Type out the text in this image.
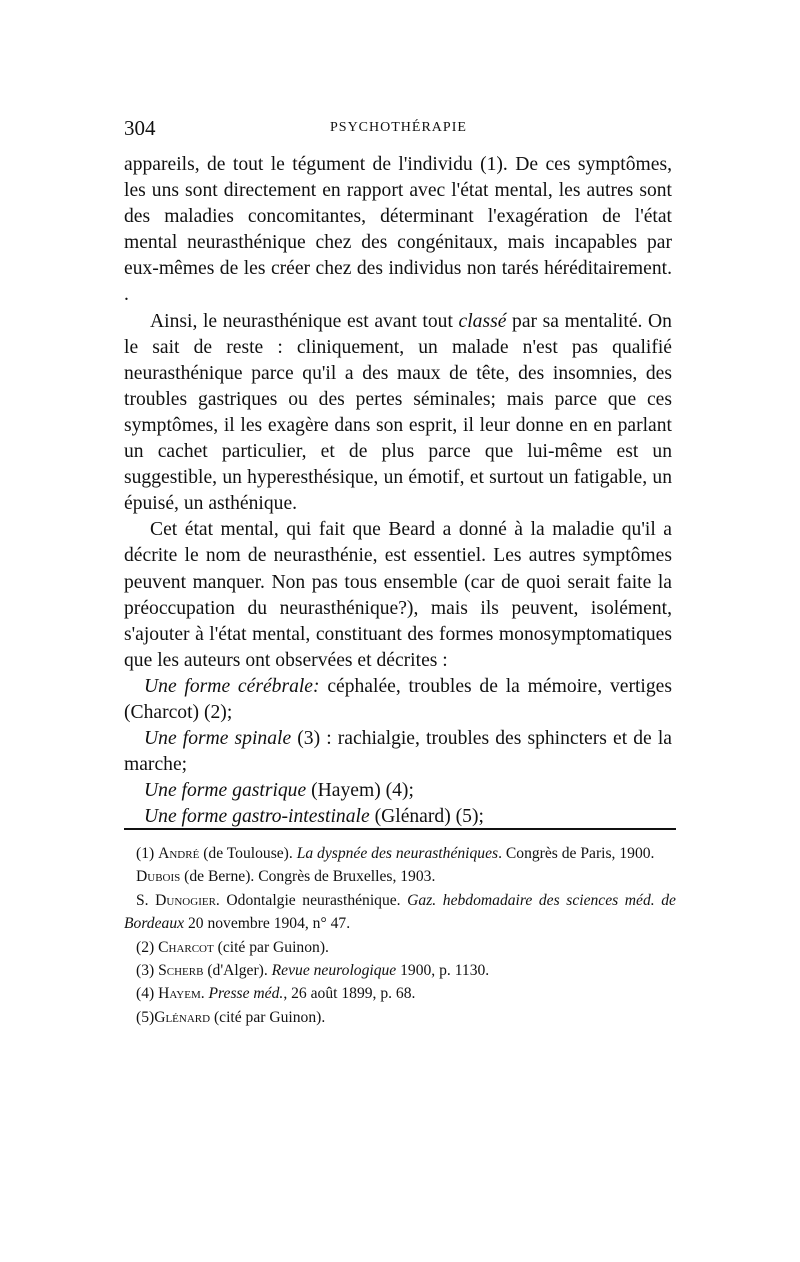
304	PSYCHOTHÉRAPIE

appareils, de tout le tégument de l'individu (1). De ces symptômes, les uns sont directement en rapport avec l'état mental, les autres sont des maladies concomitantes, déterminant l'exagération de l'état mental neurasthénique chez des congénitaux, mais incapables par eux-mêmes de les créer chez des individus non tarés héréditairement. .

Ainsi, le neurasthénique est avant tout classé par sa mentalité. On le sait de reste : cliniquement, un malade n'est pas qualifié neurasthénique parce qu'il a des maux de tête, des insomnies, des troubles gastriques ou des pertes séminales; mais parce que ces symptômes, il les exagère dans son esprit, il leur donne en en parlant un cachet particulier, et de plus parce que lui-même est un suggestible, un hyperesthésique, un émotif, et surtout un fatigable, un épuisé, un asthénique.

Cet état mental, qui fait que Beard a donné à la maladie qu'il a décrite le nom de neurasthénie, est essentiel. Les autres symptômes peuvent manquer. Non pas tous ensemble (car de quoi serait faite la préoccupation du neurasthénique?), mais ils peuvent, isolément, s'ajouter à l'état mental, constituant des formes monosymptomatiques que les auteurs ont observées et décrites :

Une forme cérébrale: céphalée, troubles de la mémoire, vertiges (Charcot) (2);

Une forme spinale (3) : rachialgie, troubles des sphincters et de la marche;

Une forme gastrique (Hayem) (4);

Une forme gastro-intestinale (Glénard) (5);

(1) André (de Toulouse). La dyspnée des neurasthéniques. Congrès de Paris, 1900.

Dubois (de Berne). Congrès de Bruxelles, 1903.

S. Dunogier. Odontalgie neurasthénique. Gaz. hebdomadaire des sciences méd. de Bordeaux 20 novembre 1904, n° 47.

(2) Charcot (cité par Guinon).

(3) Scherb (d'Alger). Revue neurologique 1900, p. 1130.

(4) Hayem. Presse méd., 26 août 1899, p. 68.

(5)Glénard (cité par Guinon).
